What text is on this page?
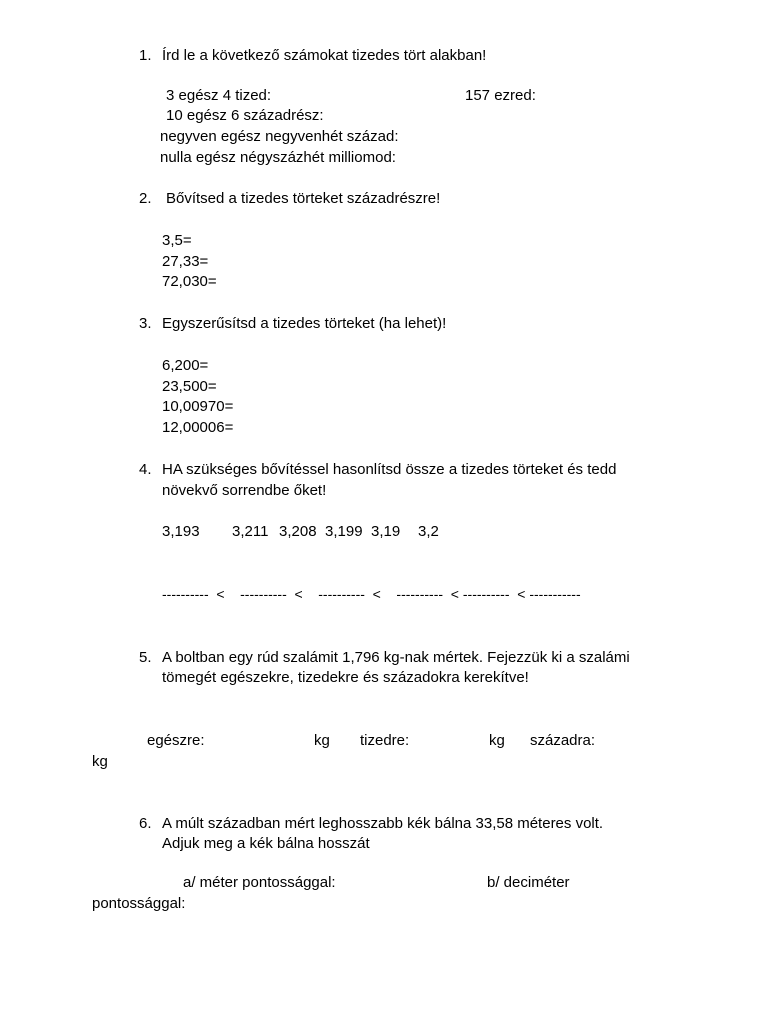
1. Írd le a következő számokat tizedes tört alakban!
3 egész 4 tized:	157 ezred:
10 egész 6 századrész:
negyven egész negyvenhét század:
nulla egész négyszázhét milliomod:
2. Bővítsed a tizedes törteket századrészre!
3,5=
27,33=
72,030=
3. Egyszerűsítsd a tizedes törteket (ha lehet)!
6,200=
23,500=
10,00970=
12,00006=
4. HA szükséges bővítéssel hasonlítsd össze a tizedes törteket és tedd
növekvő sorrendbe őket!
3,193 3,211 3,208 3,199 3,19 3,2
----------  <    ----------  <    ----------  <    ----------  < ----------  < -----------
5. A boltban egy rúd szalámit 1,796 kg-nak mértek. Fejezzük ki a szalámi
tömegét egészekre, tizedekre és századokra kerekítve!
egészre:	kg tizedre:	kg századra:
kg
6. A múlt században mért leghosszabb kék bálna 33,58 méteres volt.
Adjuk meg a kék bálna hosszát
a/ méter pontossággal:	b/ deciméter
pontossággal:
